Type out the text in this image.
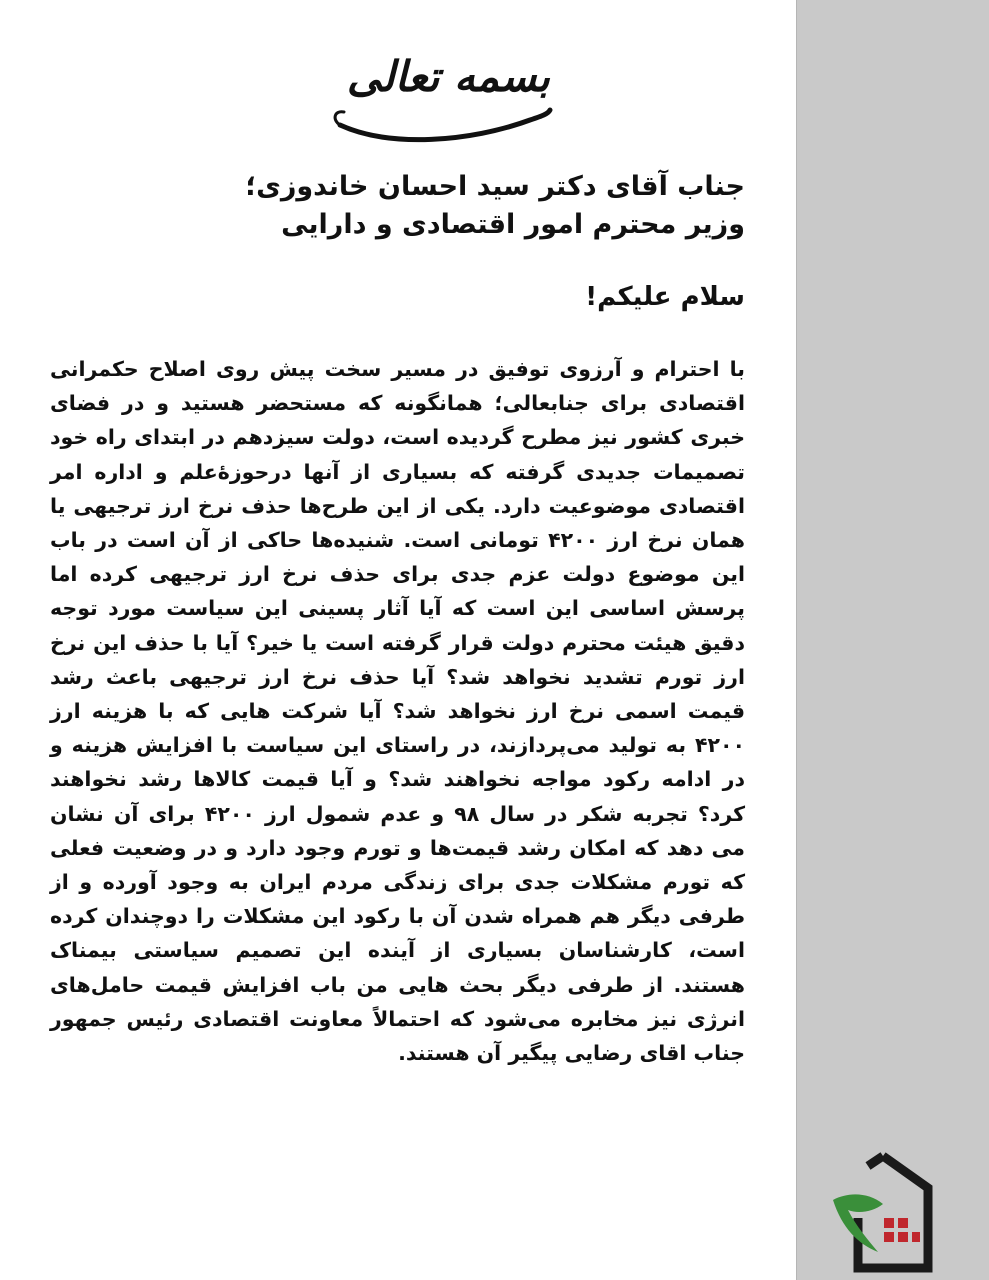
بسمه تعالی
جناب آقای دکتر سید احسان خاندوزی؛
وزیر محترم امور اقتصادی و دارایی
سلام علیکم!

با احترام و آرزوی توفیق در مسیر سخت پیش روی اصلاح حکمرانی اقتصادی برای جنابعالی؛ همانگونه که مستحضر هستید و در فضای خبری کشور نیز مطرح گردیده است، دولت سیزدهم در ابتدای راه خود تصمیمات جدیدی گرفته که بسیاری از آنها درحوزۀعلم و اداره امر اقتصادی موضوعیت دارد. یکی از این طرح‌ها حذف نرخ ارز ترجیهی یا همان نرخ ارز ۴۲۰۰ تومانی است. شنیده‌ها حاکی از آن است در باب این موضوع دولت عزم جدی برای حذف نرخ ارز ترجیهی کرده اما پرسش اساسی این است که آیا آثار پسینی این سیاست مورد توجه دقیق هیئت محترم دولت قرار گرفته است یا خیر؟ آیا با حذف این نرخ ارز تورم تشدید نخواهد شد؟ آیا حذف نرخ ارز ترجیهی باعث رشد قیمت اسمی نرخ ارز نخواهد شد؟ آیا شرکت هایی که با هزینه ارز ۴۲۰۰ به تولید می‌پردازند، در راستای این سیاست با افزایش هزینه و در ادامه رکود مواجه نخواهند شد؟ و آیا قیمت کالاها رشد نخواهند کرد؟ تجربه شکر در سال ۹۸ و عدم شمول ارز ۴۲۰۰ برای آن نشان می دهد که امکان رشد قیمت‌ها و تورم وجود دارد و در وضعیت فعلی که تورم مشکلات جدی برای زندگی مردم ایران به وجود آورده و از طرفی دیگر هم همراه شدن آن با رکود این مشکلات را دوچندان کرده است، کارشناسان بسیاری از آینده این تصمیم سیاستی بیمناک هستند. از طرفی دیگر بحث هایی من باب افزایش قیمت حامل‌های انرژی نیز مخابره می‌شود که احتمالاً معاونت اقتصادی رئیس جمهور جناب اقای رضایی پیگیر آن هستند.
